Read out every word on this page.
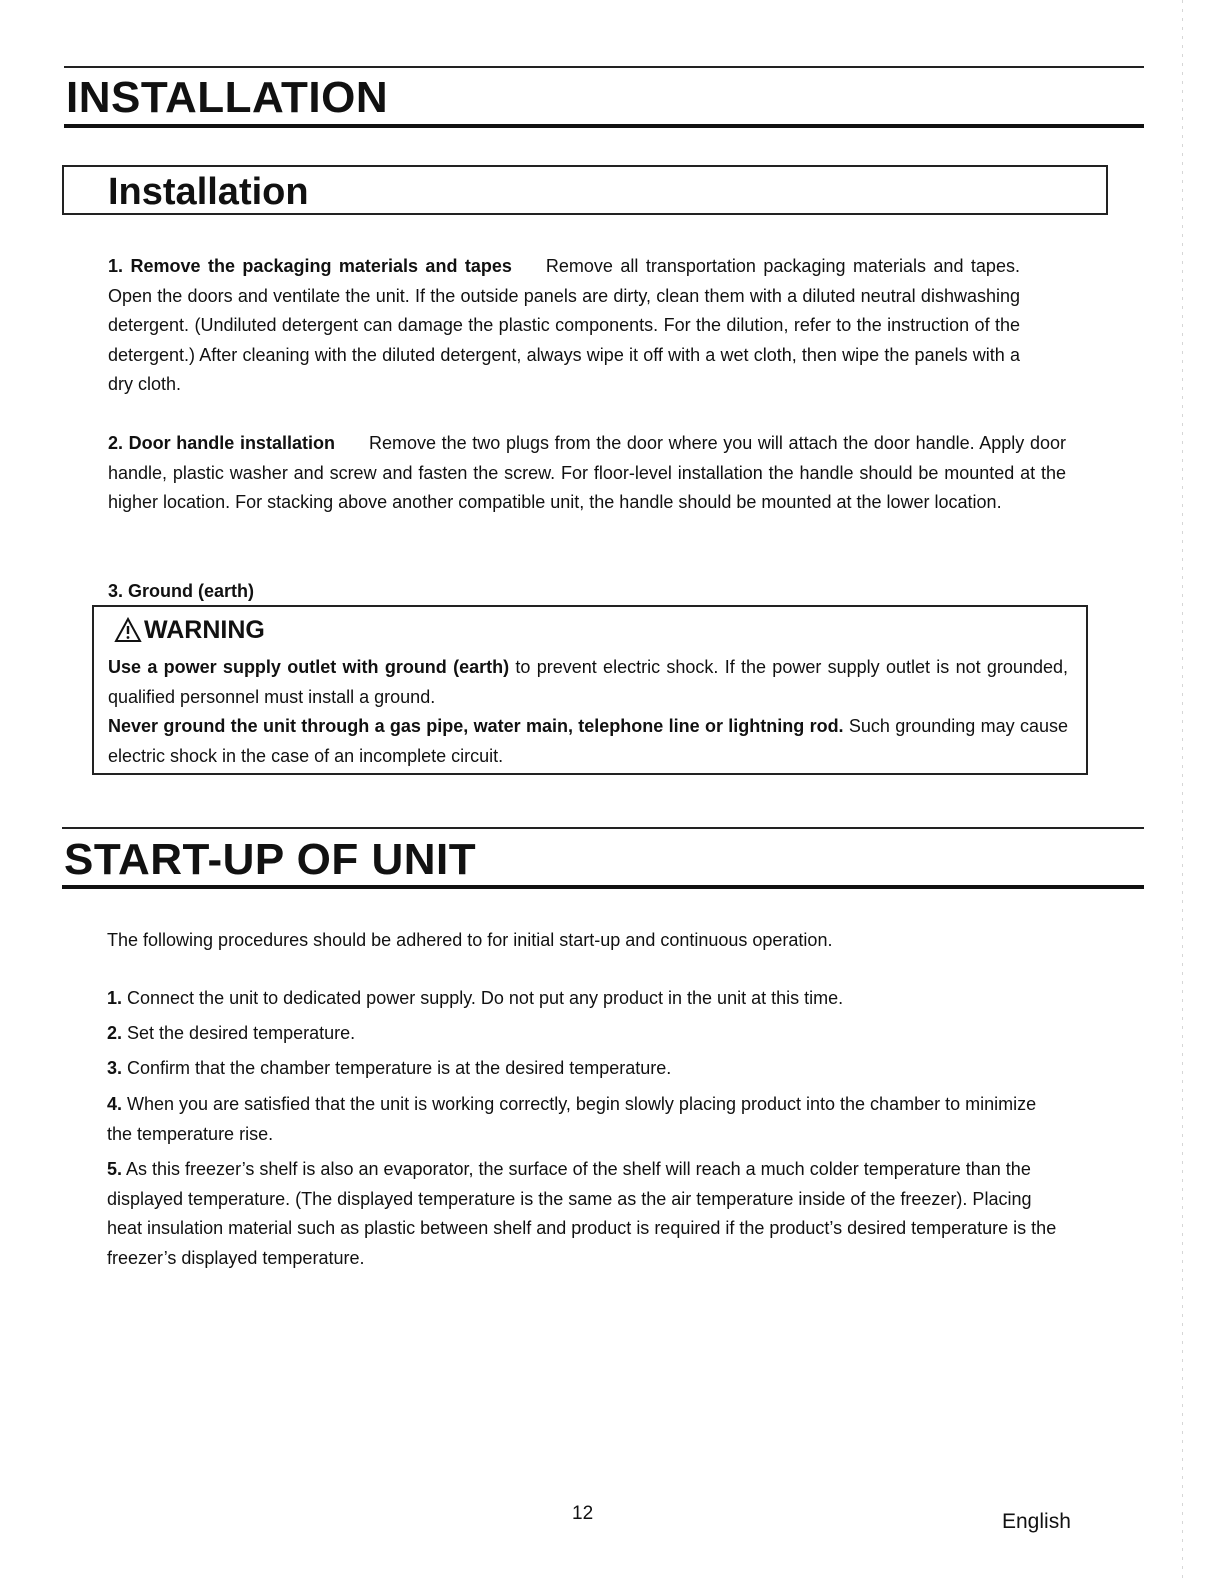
INSTALLATION
Installation
1. Remove the packaging materials and tapes Remove all transportation packaging materials and tapes. Open the doors and ventilate the unit. If the outside panels are dirty, clean them with a diluted neutral dishwashing detergent. (Undiluted detergent can damage the plastic components. For the dilution, refer to the instruction of the detergent.) After cleaning with the diluted detergent, always wipe it off with a wet cloth, then wipe the panels with a dry cloth.
2. Door handle installation Remove the two plugs from the door where you will attach the door handle. Apply door handle, plastic washer and screw and fasten the screw. For floor-level installation the handle should be mounted at the higher location. For stacking above another compatible unit, the handle should be mounted at the lower location.
3. Ground (earth)
WARNING
Use a power supply outlet with ground (earth) to prevent electric shock. If the power supply outlet is not grounded, qualified personnel must install a ground.
Never ground the unit through a gas pipe, water main, telephone line or lightning rod. Such grounding may cause electric shock in the case of an incomplete circuit.
START-UP OF UNIT
The following procedures should be adhered to for initial start-up and continuous operation.
1. Connect the unit to dedicated power supply. Do not put any product in the unit at this time.
2. Set the desired temperature.
3. Confirm that the chamber temperature is at the desired temperature.
4. When you are satisfied that the unit is working correctly, begin slowly placing product into the chamber to minimize the temperature rise.
5. As this freezer’s shelf is also an evaporator, the surface of the shelf will reach a much colder temperature than the displayed temperature. (The displayed temperature is the same as the air temperature inside of the freezer). Placing heat insulation material such as plastic between shelf and product is required if the product’s desired temperature is the freezer’s displayed temperature.
12	English
